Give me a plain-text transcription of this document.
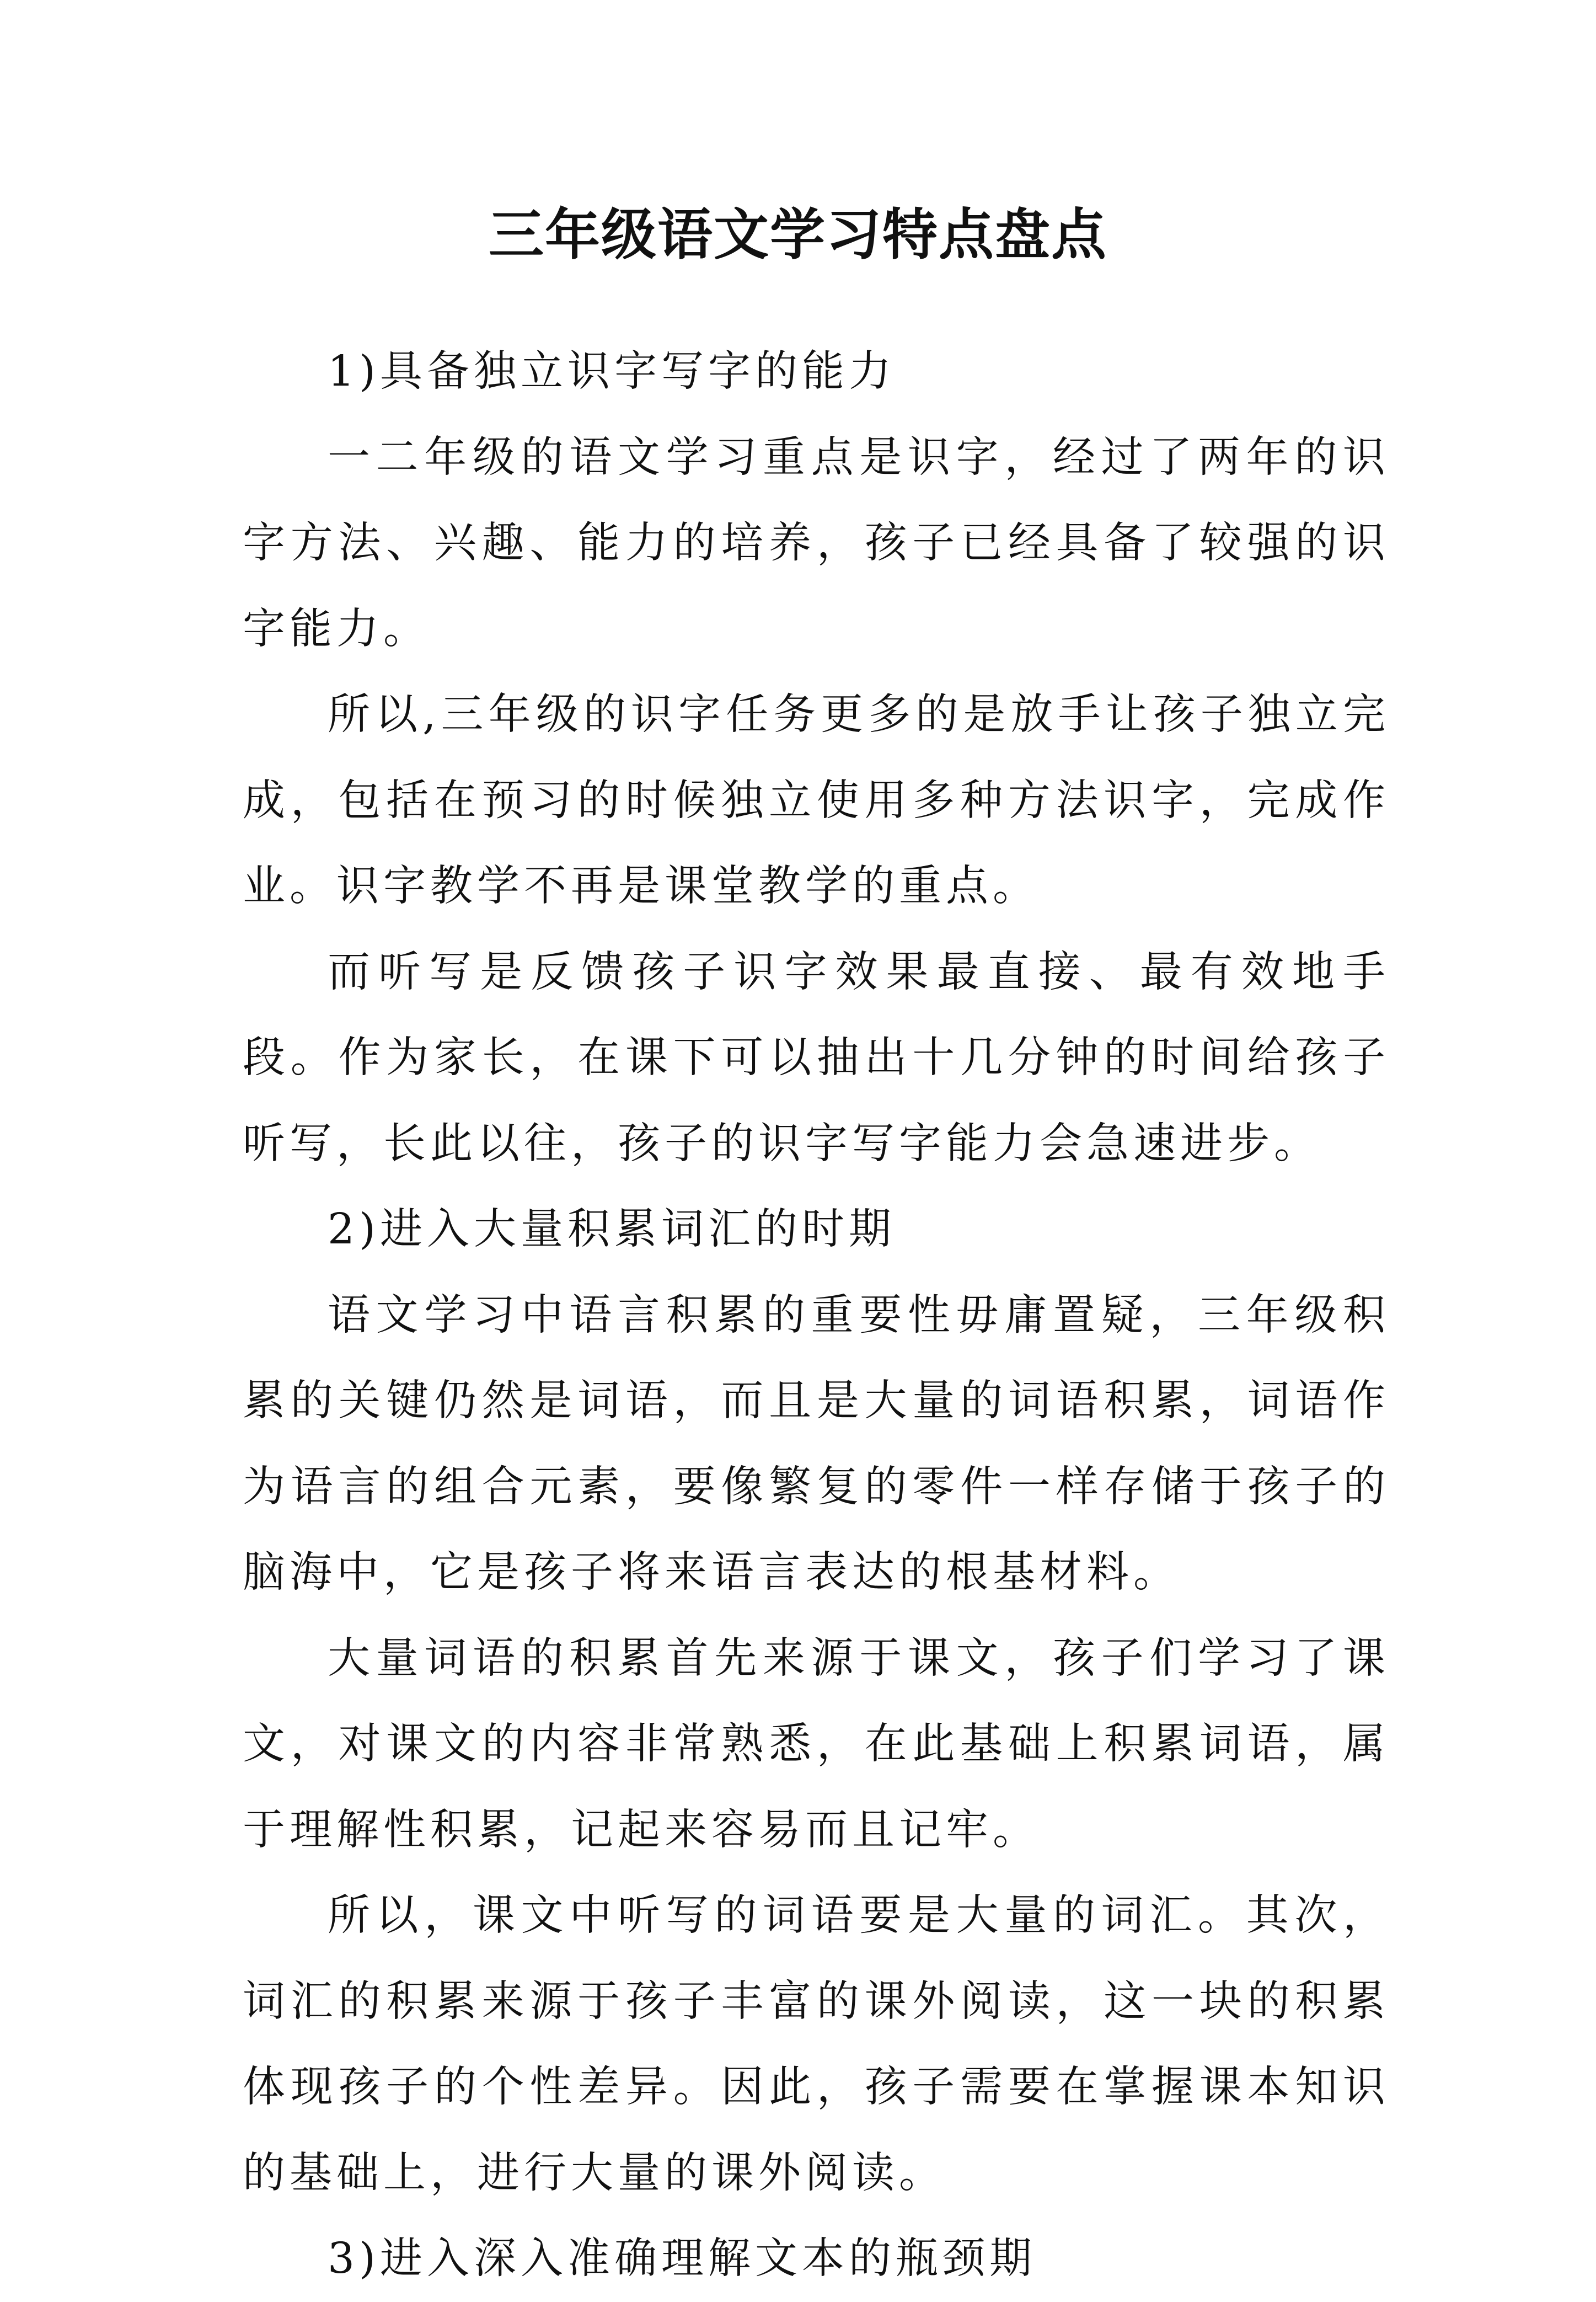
三年级语文学习特点盘点

1)具备独立识字写字的能力

一二年级的语文学习重点是识字，经过了两年的识字方法、兴趣、能力的培养，孩子已经具备了较强的识字能力。

所以,三年级的识字任务更多的是放手让孩子独立完成，包括在预习的时候独立使用多种方法识字，完成作业。识字教学不再是课堂教学的重点。

而听写是反馈孩子识字效果最直接、最有效地手段。作为家长，在课下可以抽出十几分钟的时间给孩子听写，长此以往，孩子的识字写字能力会急速进步。

2)进入大量积累词汇的时期

语文学习中语言积累的重要性毋庸置疑，三年级积累的关键仍然是词语，而且是大量的词语积累，词语作为语言的组合元素，要像繁复的零件一样存储于孩子的脑海中，它是孩子将来语言表达的根基材料。

大量词语的积累首先来源于课文，孩子们学习了课文，对课文的内容非常熟悉，在此基础上积累词语，属于理解性积累，记起来容易而且记牢。

所以，课文中听写的词语要是大量的词汇。其次，词汇的积累来源于孩子丰富的课外阅读，这一块的积累体现孩子的个性差异。因此，孩子需要在掌握课本知识的基础上，进行大量的课外阅读。

3)进入深入准确理解文本的瓶颈期
